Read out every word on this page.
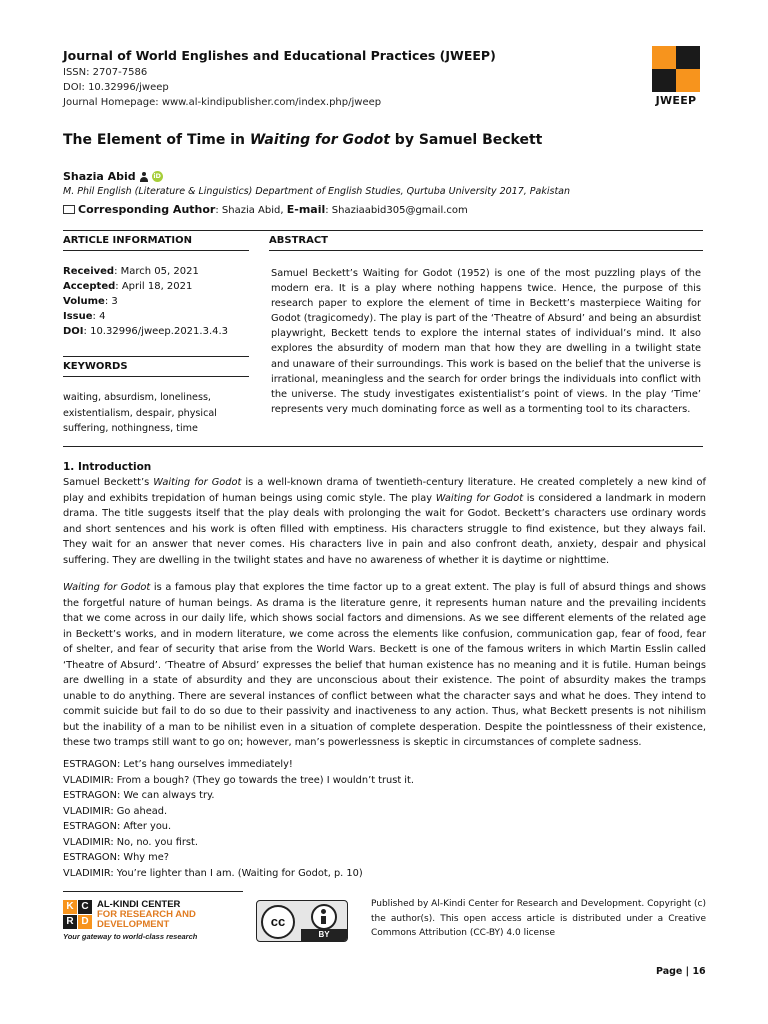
Journal of World Englishes and Educational Practices (JWEEP)
ISSN: 2707-7586
DOI: 10.32996/jweep
Journal Homepage: www.al-kindipublisher.com/index.php/jweep	JWEEP
The Element of Time in Waiting for Godot by Samuel Beckett
Shazia Abid	iD
M. Phil English (Literature & Linguistics) Department of English Studies, Qurtuba University 2017, Pakistan
Corresponding Author: Shazia Abid, E-mail: Shaziaabid305@gmail.com
ARTICLE INFORMATION	ABSTRACT
Received: March 05, 2021
Accepted: April 18, 2021
Volume: 3
Issue: 4
DOI: 10.32996/jweep.2021.3.4.3
KEYWORDS
waiting, absurdism, loneliness, existentialism, despair, physical suffering, nothingness, time
Samuel Beckett’s Waiting for Godot (1952) is one of the most puzzling plays of the modern era. It is a play where nothing happens twice. Hence, the purpose of this research paper to explore the element of time in Beckett’s masterpiece Waiting for Godot (tragicomedy). The play is part of the ‘Theatre of Absurd’ and being an absurdist playwright, Beckett tends to explore the internal states of individual’s mind. It also explores the absurdity of modern man that how they are dwelling in a twilight state and unaware of their surroundings. This work is based on the belief that the universe is irrational, meaningless and the search for order brings the individuals into conflict with the universe. The study investigates existentialist’s point of views. In the play ‘Time’ represents very much dominating force as well as a tormenting tool to its characters.
1. Introduction
Samuel Beckett’s Waiting for Godot is a well-known drama of twentieth-century literature. He created completely a new kind of play and exhibits trepidation of human beings using comic style. The play Waiting for Godot is considered a landmark in modern drama. The title suggests itself that the play deals with prolonging the wait for Godot. Beckett’s characters use ordinary words and short sentences and his work is often filled with emptiness. His characters struggle to find existence, but they always fail. They wait for an answer that never comes. His characters live in pain and also confront death, anxiety, despair and physical suffering. They are dwelling in the twilight states and have no awareness of whether it is daytime or nighttime.
Waiting for Godot is a famous play that explores the time factor up to a great extent. The play is full of absurd things and shows the forgetful nature of human beings. As drama is the literature genre, it represents human nature and the prevailing incidents that we come across in our daily life, which shows social factors and dimensions. As we see different elements of the related age in Beckett’s works, and in modern literature, we come across the elements like confusion, communication gap, fear of food, fear of shelter, and fear of security that arise from the World Wars. Beckett is one of the famous writers in which Martin Esslin called ‘Theatre of Absurd’. ‘Theatre of Absurd’ expresses the belief that human existence has no meaning and it is futile. Human beings are dwelling in a state of absurdity and they are unconscious about their existence. The point of absurdity makes the tramps unable to do anything. There are several instances of conflict between what the character says and what he does. They intend to commit suicide but fail to do so due to their passivity and inactiveness to any action. Thus, what Beckett presents is not nihilism but the inability of a man to be nihilist even in a situation of complete desperation. Despite the pointlessness of their existence, these two tramps still want to go on; however, man’s powerlessness is skeptic in circumstances of complete sadness.
ESTRAGON: Let’s hang ourselves immediately!
VLADIMIR: From a bough? (They go towards the tree) I wouldn’t trust it.
ESTRAGON: We can always try.
VLADIMIR: Go ahead.
ESTRAGON: After you.
VLADIMIR: No, no. you first.
ESTRAGON: Why me?
VLADIMIR: You’re lighter than I am. (Waiting for Godot, p. 10)
K C
R D
AL-KINDI CENTER
FOR RESEARCH AND
DEVELOPMENT
Your gateway to world-class research
cc
BY
Published by Al-Kindi Center for Research and Development. Copyright (c) the author(s). This open access article is distributed under a Creative Commons Attribution (CC-BY) 4.0 license
Page | 16
